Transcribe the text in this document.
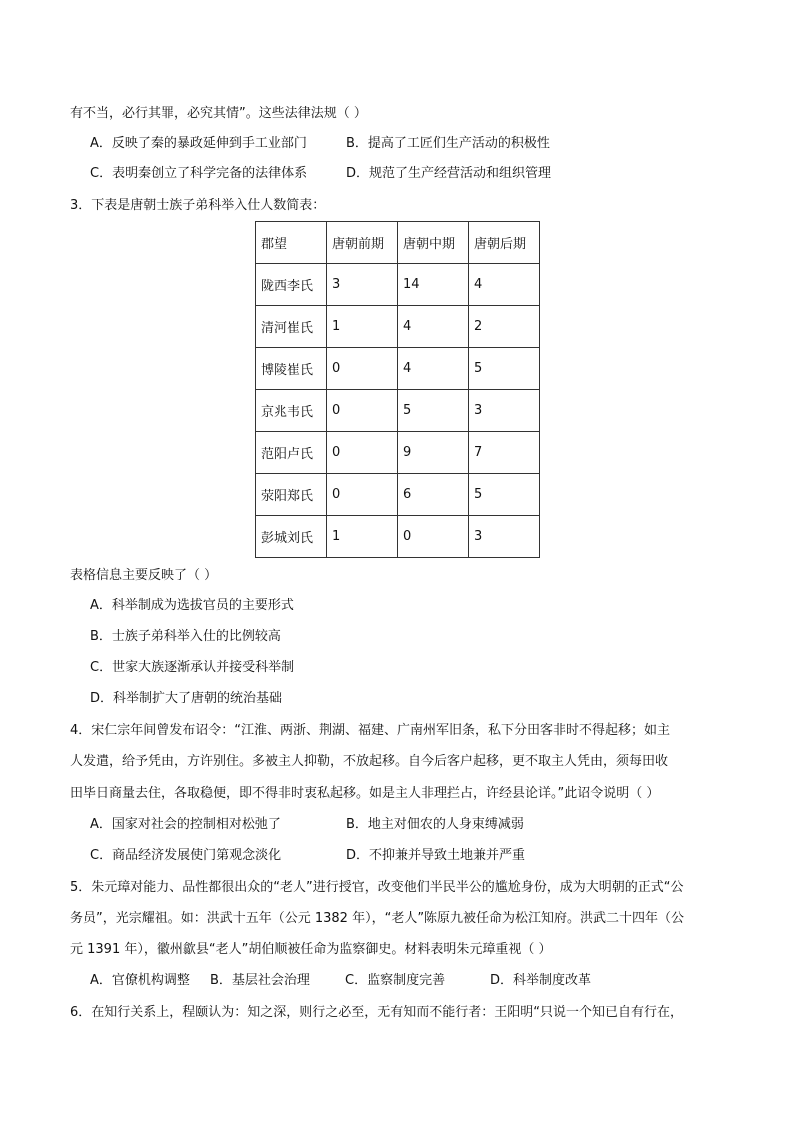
有不当，必行其罪，必究其情”。这些法律法规（ ）
A．反映了秦的暴政延伸到手工业部门	B．提高了工匠们生产活动的积极性
C．表明秦创立了科学完备的法律体系	D．规范了生产经营活动和组织管理
3．下表是唐朝士族子弟科举入仕人数简表：
郡望	唐朝前期	唐朝中期	唐朝后期
陇西李氏	3	14	4
清河崔氏	1	4	2
博陵崔氏	0	4	5
京兆韦氏	0	5	3
范阳卢氏	0	9	7
荥阳郑氏	0	6	5
彭城刘氏	1	0	3
表格信息主要反映了（ ）
A．科举制成为选拔官员的主要形式
B．士族子弟科举入仕的比例较高
C．世家大族逐渐承认并接受科举制
D．科举制扩大了唐朝的统治基础
4．宋仁宗年间曾发布诏令：“江淮、两浙、荆湖、福建、广南州军旧条，私下分田客非时不得起移；如主
人发遣，给予凭由，方许别住。多被主人抑勒，不放起移。自今后客户起移，更不取主人凭由，须每田收
田毕日商量去住，各取稳便，即不得非时衷私起移。如是主人非理拦占，许经县论详。”此诏令说明（ ）
A．国家对社会的控制相对松弛了	B．地主对佃农的人身束缚减弱
C．商品经济发展使门第观念淡化	D．不抑兼并导致土地兼并严重
5．朱元璋对能力、品性都很出众的“老人”进行授官，改变他们半民半公的尴尬身份，成为大明朝的正式“公
务员”，光宗耀祖。如：洪武十五年（公元 1382 年），“老人”陈原九被任命为松江知府。洪武二十四年（公
元 1391 年），徽州歙县“老人”胡伯顺被任命为监察御史。材料表明朱元璋重视（ ）
A．官僚机构调整 B．基层社会治理	C．监察制度完善	D．科举制度改革
6．在知行关系上，程颐认为：知之深，则行之必至，无有知而不能行者：王阳明“只说一个知已自有行在，
